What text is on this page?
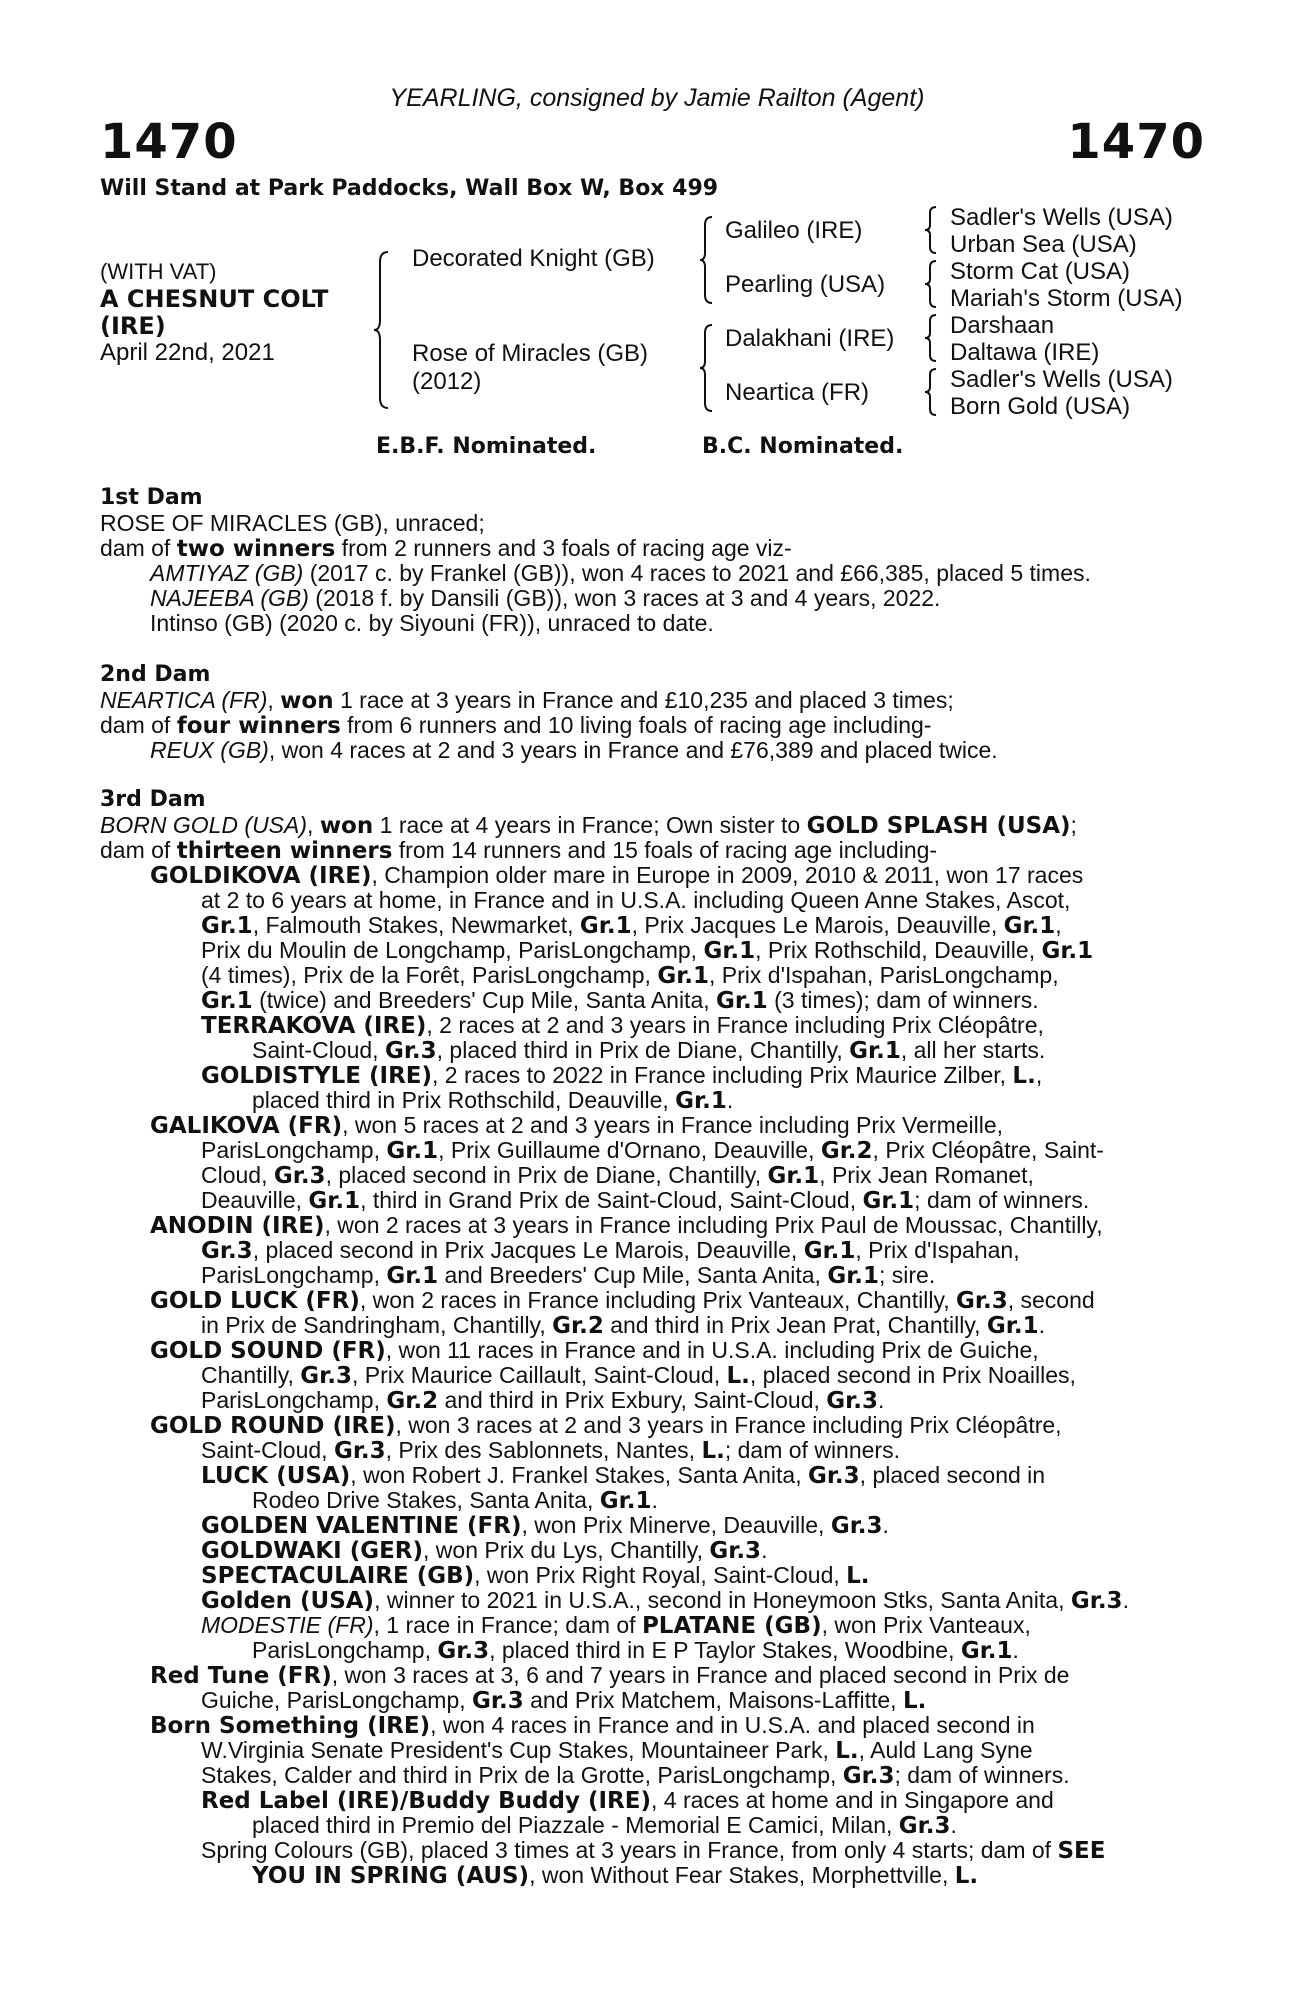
YEARLING, consigned by Jamie Railton (Agent)
1470	1470
Will Stand at Park Paddocks, Wall Box W, Box 499
(WITH VAT)
A CHESNUT COLT
(IRE)
April 22nd, 2021
Decorated Knight (GB)
Rose of Miracles (GB)
(2012)
Galileo (IRE)
Pearling (USA)
Dalakhani (IRE)
Neartica (FR)
Sadler's Wells (USA)
Urban Sea (USA)
Storm Cat (USA)
Mariah's Storm (USA)
Darshaan
Daltawa (IRE)
Sadler's Wells (USA)
Born Gold (USA)
E.B.F. Nominated.	B.C. Nominated.
1st Dam
ROSE OF MIRACLES (GB), unraced;
dam of two winners from 2 runners and 3 foals of racing age viz-
AMTIYAZ (GB) (2017 c. by Frankel (GB)), won 4 races to 2021 and £66,385, placed 5 times.
NAJEEBA (GB) (2018 f. by Dansili (GB)), won 3 races at 3 and 4 years, 2022.
Intinso (GB) (2020 c. by Siyouni (FR)), unraced to date.
2nd Dam
NEARTICA (FR), won 1 race at 3 years in France and £10,235 and placed 3 times;
dam of four winners from 6 runners and 10 living foals of racing age including-
REUX (GB), won 4 races at 2 and 3 years in France and £76,389 and placed twice.
3rd Dam
BORN GOLD (USA), won 1 race at 4 years in France; Own sister to GOLD SPLASH (USA);
dam of thirteen winners from 14 runners and 15 foals of racing age including-
GOLDIKOVA (IRE), Champion older mare in Europe in 2009, 2010 & 2011, won 17 races
at 2 to 6 years at home, in France and in U.S.A. including Queen Anne Stakes, Ascot,
Gr.1, Falmouth Stakes, Newmarket, Gr.1, Prix Jacques Le Marois, Deauville, Gr.1,
Prix du Moulin de Longchamp, ParisLongchamp, Gr.1, Prix Rothschild, Deauville, Gr.1
(4 times), Prix de la Forêt, ParisLongchamp, Gr.1, Prix d'Ispahan, ParisLongchamp,
Gr.1 (twice) and Breeders' Cup Mile, Santa Anita, Gr.1 (3 times); dam of winners.
TERRAKOVA (IRE), 2 races at 2 and 3 years in France including Prix Cléopâtre,
Saint-Cloud, Gr.3, placed third in Prix de Diane, Chantilly, Gr.1, all her starts.
GOLDISTYLE (IRE), 2 races to 2022 in France including Prix Maurice Zilber, L.,
placed third in Prix Rothschild, Deauville, Gr.1.
GALIKOVA (FR), won 5 races at 2 and 3 years in France including Prix Vermeille,
ParisLongchamp, Gr.1, Prix Guillaume d'Ornano, Deauville, Gr.2, Prix Cléopâtre, Saint-
Cloud, Gr.3, placed second in Prix de Diane, Chantilly, Gr.1, Prix Jean Romanet,
Deauville, Gr.1, third in Grand Prix de Saint-Cloud, Saint-Cloud, Gr.1; dam of winners.
ANODIN (IRE), won 2 races at 3 years in France including Prix Paul de Moussac, Chantilly,
Gr.3, placed second in Prix Jacques Le Marois, Deauville, Gr.1, Prix d'Ispahan,
ParisLongchamp, Gr.1 and Breeders' Cup Mile, Santa Anita, Gr.1; sire.
GOLD LUCK (FR), won 2 races in France including Prix Vanteaux, Chantilly, Gr.3, second
in Prix de Sandringham, Chantilly, Gr.2 and third in Prix Jean Prat, Chantilly, Gr.1.
GOLD SOUND (FR), won 11 races in France and in U.S.A. including Prix de Guiche,
Chantilly, Gr.3, Prix Maurice Caillault, Saint-Cloud, L., placed second in Prix Noailles,
ParisLongchamp, Gr.2 and third in Prix Exbury, Saint-Cloud, Gr.3.
GOLD ROUND (IRE), won 3 races at 2 and 3 years in France including Prix Cléopâtre,
Saint-Cloud, Gr.3, Prix des Sablonnets, Nantes, L.; dam of winners.
LUCK (USA), won Robert J. Frankel Stakes, Santa Anita, Gr.3, placed second in
Rodeo Drive Stakes, Santa Anita, Gr.1.
GOLDEN VALENTINE (FR), won Prix Minerve, Deauville, Gr.3.
GOLDWAKI (GER), won Prix du Lys, Chantilly, Gr.3.
SPECTACULAIRE (GB), won Prix Right Royal, Saint-Cloud, L.
Golden (USA), winner to 2021 in U.S.A., second in Honeymoon Stks, Santa Anita, Gr.3.
MODESTIE (FR), 1 race in France; dam of PLATANE (GB), won Prix Vanteaux,
ParisLongchamp, Gr.3, placed third in E P Taylor Stakes, Woodbine, Gr.1.
Red Tune (FR), won 3 races at 3, 6 and 7 years in France and placed second in Prix de
Guiche, ParisLongchamp, Gr.3 and Prix Matchem, Maisons-Laffitte, L.
Born Something (IRE), won 4 races in France and in U.S.A. and placed second in
W.Virginia Senate President's Cup Stakes, Mountaineer Park, L., Auld Lang Syne
Stakes, Calder and third in Prix de la Grotte, ParisLongchamp, Gr.3; dam of winners.
Red Label (IRE)/Buddy Buddy (IRE), 4 races at home and in Singapore and
placed third in Premio del Piazzale - Memorial E Camici, Milan, Gr.3.
Spring Colours (GB), placed 3 times at 3 years in France, from only 4 starts; dam of SEE
YOU IN SPRING (AUS), won Without Fear Stakes, Morphettville, L.
